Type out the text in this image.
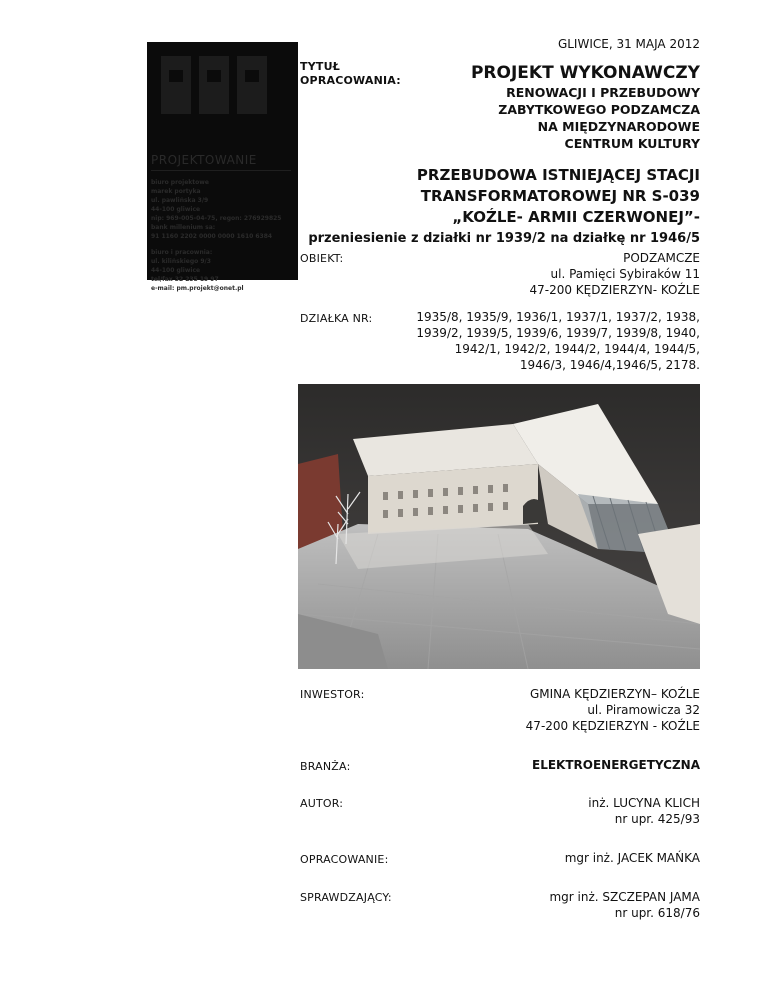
GLIWICE, 31 MAJA 2012
PROJEKTOWANIE
biuro projektowe
marek portyka
ul. pawlińska 3/9
44-100 gliwice
nip: 969-005-04-75, regon: 276929825
bank millenium sa:
91 1160 2202 0000 0000 1610 6384
biuro i pracownia:
ul. kilińskiego 9/3
44-100 gliwice
tel/fax 32 235 19 97
e-mail: pm.projekt@onet.pl
TYTUŁ
OPRACOWANIA:	PROJEKT WYKONAWCZY
RENOWACJI I PRZEBUDOWY
ZABYTKOWEGO PODZAMCZA
NA MIĘDZYNARODOWE
CENTRUM KULTURY
PRZEBUDOWA ISTNIEJĄCEJ STACJI
TRANSFORMATOROWEJ NR S-039
„KOŹLE- ARMII CZERWONEJ”-
przeniesienie z działki nr 1939/2 na działkę nr 1946/5
OBIEKT:	PODZAMCZE
ul. Pamięci Sybiraków 11
47-200 KĘDZIERZYN- KOŹLE
DZIAŁKA NR:	1935/8, 1935/9, 1936/1, 1937/1, 1937/2, 1938,
1939/2, 1939/5, 1939/6, 1939/7, 1939/8, 1940,
1942/1, 1942/2, 1944/2, 1944/4, 1944/5,
1946/3, 1946/4,1946/5, 2178.
INWESTOR:	GMINA KĘDZIERZYN– KOŹLE
ul. Piramowicza 32
47-200 KĘDZIERZYN - KOŹLE
BRANŻA:	ELEKTROENERGETYCZNA
AUTOR:	inż. LUCYNA KLICH
nr upr. 425/93
OPRACOWANIE:	mgr inż. JACEK MAŃKA
SPRAWDZAJĄCY:	mgr inż. SZCZEPAN JAMA
nr upr. 618/76
